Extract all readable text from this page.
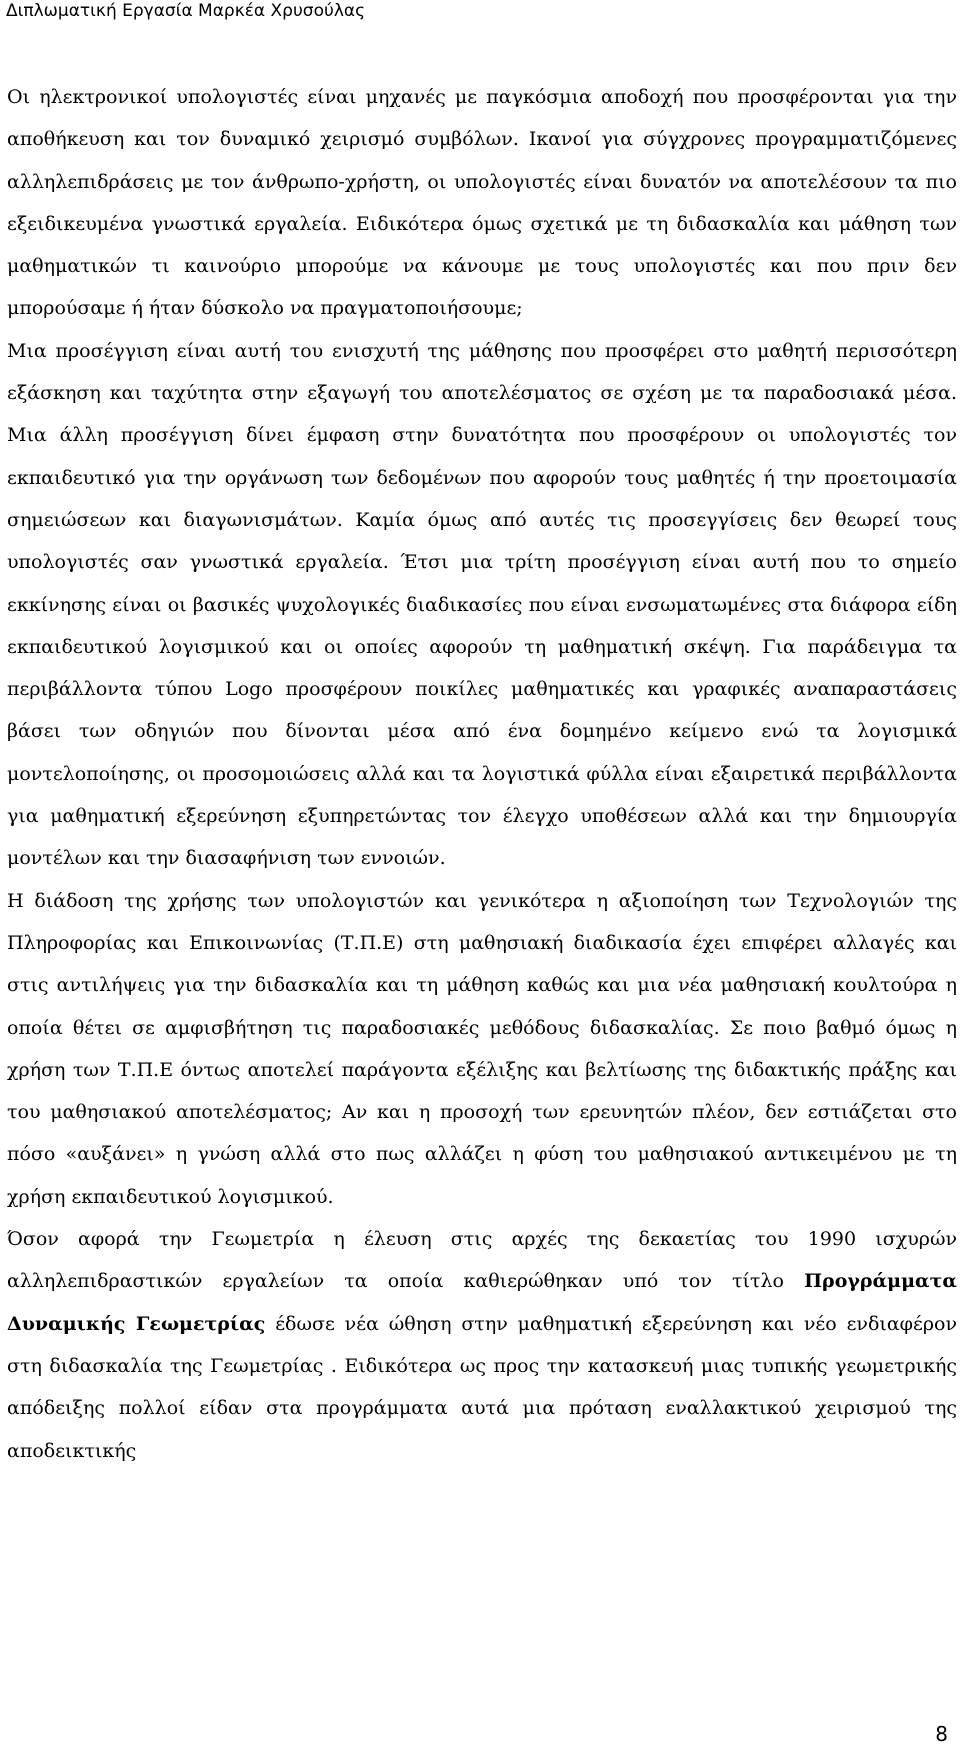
Διπλωματική Εργασία Μαρκέα Χρυσούλας

Οι ηλεκτρονικοί υπολογιστές είναι μηχανές με παγκόσμια αποδοχή που προσφέρονται για την αποθήκευση και τον δυναμικό χειρισμό συμβόλων. Ικανοί για σύγχρονες προγραμματιζόμενες αλληλεπιδράσεις με τον άνθρωπο-χρήστη, οι υπολογιστές είναι δυνατόν να αποτελέσουν τα πιο εξειδικευμένα γνωστικά εργαλεία. Ειδικότερα όμως σχετικά με τη διδασκαλία και μάθηση των μαθηματικών τι καινούριο μπορούμε να κάνουμε με τους υπολογιστές και που πριν δεν μπορούσαμε ή ήταν δύσκολο να πραγματοποιήσουμε;

Μια προσέγγιση είναι αυτή του ενισχυτή της μάθησης που προσφέρει στο μαθητή περισσότερη εξάσκηση και ταχύτητα στην εξαγωγή του αποτελέσματος σε σχέση με τα παραδοσιακά μέσα. Μια άλλη προσέγγιση δίνει έμφαση στην δυνατότητα που προσφέρουν οι υπολογιστές τον εκπαιδευτικό για την οργάνωση των δεδομένων που αφορούν τους μαθητές ή την προετοιμασία σημειώσεων και διαγωνισμάτων. Καμία όμως από αυτές τις προσεγγίσεις δεν θεωρεί τους υπολογιστές σαν γνωστικά εργαλεία. Έτσι μια τρίτη προσέγγιση είναι αυτή που το σημείο εκκίνησης είναι οι βασικές ψυχολογικές διαδικασίες που είναι ενσωματωμένες στα διάφορα είδη εκπαιδευτικού λογισμικού και οι οποίες αφορούν τη μαθηματική σκέψη. Για παράδειγμα τα περιβάλλοντα τύπου Logo προσφέρουν ποικίλες μαθηματικές και γραφικές αναπαραστάσεις βάσει των οδηγιών που δίνονται μέσα από ένα δομημένο κείμενο ενώ τα λογισμικά μοντελοποίησης, οι προσομοιώσεις αλλά και τα λογιστικά φύλλα είναι εξαιρετικά περιβάλλοντα για μαθηματική εξερεύνηση εξυπηρετώντας τον έλεγχο υποθέσεων αλλά και την δημιουργία μοντέλων και την διασαφήνιση των εννοιών.

Η διάδοση της χρήσης των υπολογιστών και γενικότερα η αξιοποίηση των Τεχνολογιών της Πληροφορίας και Επικοινωνίας (Τ.Π.Ε) στη μαθησιακή διαδικασία έχει επιφέρει αλλαγές και στις αντιλήψεις για την διδασκαλία και τη μάθηση καθώς και μια νέα μαθησιακή κουλτούρα η οποία θέτει σε αμφισβήτηση τις παραδοσιακές μεθόδους διδασκαλίας. Σε ποιο βαθμό όμως η χρήση των Τ.Π.Ε όντως αποτελεί παράγοντα εξέλιξης και βελτίωσης της διδακτικής πράξης και του μαθησιακού αποτελέσματος; Αν και η προσοχή των ερευνητών πλέον, δεν εστιάζεται στο πόσο «αυξάνει» η γνώση αλλά στο πως αλλάζει η φύση του μαθησιακού αντικειμένου με τη χρήση εκπαιδευτικού λογισμικού.

Όσον αφορά την Γεωμετρία η έλευση στις αρχές της δεκαετίας του 1990 ισχυρών αλληλεπιδραστικών εργαλείων τα οποία καθιερώθηκαν υπό τον τίτλο Προγράμματα Δυναμικής Γεωμετρίας έδωσε νέα ώθηση στην μαθηματική εξερεύνηση και νέο ενδιαφέρον στη διδασκαλία της Γεωμετρίας . Ειδικότερα ως προς την κατασκευή μιας τυπικής γεωμετρικής απόδειξης πολλοί είδαν στα προγράμματα αυτά μια πρόταση εναλλακτικού χειρισμού της αποδεικτικής

8
